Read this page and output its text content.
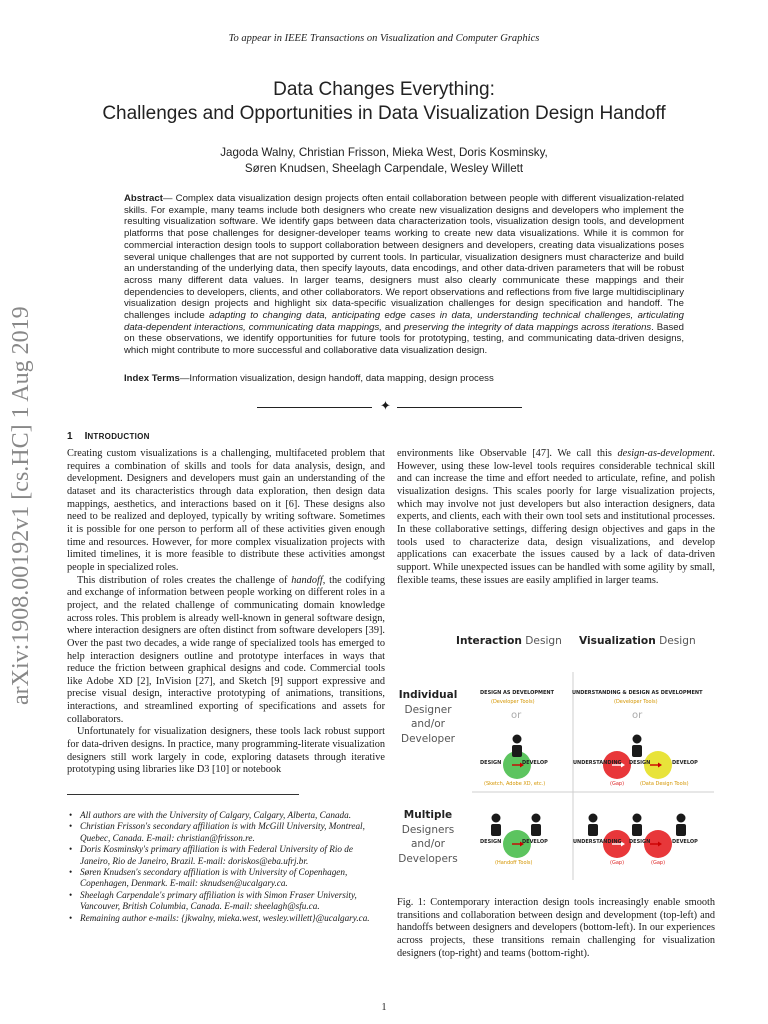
To appear in IEEE Transactions on Visualization and Computer Graphics
Data Changes Everything:
Challenges and Opportunities in Data Visualization Design Handoff
Jagoda Walny, Christian Frisson, Mieka West, Doris Kosminsky,
Søren Knudsen, Sheelagh Carpendale, Wesley Willett
arXiv:1908.00192v1 [cs.HC] 1 Aug 2019
Abstract— Complex data visualization design projects often entail collaboration between people with different visualization-related skills. For example, many teams include both designers who create new visualization designs and developers who implement the resulting visualization software. We identify gaps between data characterization tools, visualization design tools, and development platforms that pose challenges for designer-developer teams working to create new data visualizations. While it is common for commercial interaction design tools to support collaboration between designers and developers, creating data visualizations poses several unique challenges that are not supported by current tools. In particular, visualization designers must characterize and build an understanding of the underlying data, then specify layouts, data encodings, and other data-driven parameters that will be robust across many different data values. In larger teams, designers must also clearly communicate these mappings and their dependencies to developers, clients, and other collaborators. We report observations and reflections from five large multidisciplinary visualization design projects and highlight six data-specific visualization challenges for design specification and handoff. The challenges include adapting to changing data, anticipating edge cases in data, understanding technical challenges, articulating data-dependent interactions, communicating data mappings, and preserving the integrity of data mappings across iterations. Based on these observations, we identify opportunities for future tools for prototyping, testing, and communicating data-driven designs, which might contribute to more successful and collaborative data visualization design.
Index Terms—Information visualization, design handoff, data mapping, design process
✦
1 INTRODUCTION

Creating custom visualizations is a challenging, multifaceted problem that requires a combination of skills and tools for data analysis, design, and development. Designers and developers must gain an understanding of the dataset and its characteristics through data exploration, then design data mappings, aesthetics, and interactions based on it [6]. These designs also need to be realized and deployed, typically by writing software. Sometimes it is possible for one person to perform all of these activities given enough time and resources. However, for more complex visualization projects with limited timelines, it is more feasible to distribute these activities amongst people in specialized roles.

This distribution of roles creates the challenge of handoff, the codifying and exchange of information between people working on different roles in a project, and the related challenge of communicating domain knowledge across roles. This problem is already well-known in general software design, where interaction designers are often distinct from software developers [39]. Over the past two decades, a wide range of specialized tools has emerged to help interaction designers outline and prototype interfaces in ways that reduce the friction between graphical designs and code. Commercial tools like Adobe XD [2], InVision [27], and Sketch [9] support expressive and precise visual design, interactive prototyping of animations, transitions, interactions, and streamlined exporting of specifications and assets for collaborators.

Unfortunately for visualization designers, these tools lack robust support for data-driven designs. In practice, many programming-literate visualization designers still work largely in code, exploring datasets through iterative prototyping using libraries like D3 [10] or notebook

environments like Observable [47]. We call this design-as-development. However, using these low-level tools requires considerable technical skill and can increase the time and effort needed to articulate, refine, and polish visualization designs. This scales poorly for large visualization projects, which may involve not just developers but also interaction designers, data experts, and clients, each with their own tool sets and institutional processes. In these collaborative settings, differing design objectives and gaps in the tools used to characterize data, design visualizations, and develop applications can exacerbate the issues caused by a lack of data-driven support. While unexpected issues can be handled with some agility by small, flexible teams, these issues are easily amplified in larger teams.

• All authors are with the University of Calgary, Calgary, Alberta, Canada.
• Christian Frisson's secondary affiliation is with McGill University, Montreal, Quebec, Canada. E-mail: christian@frisson.re.
• Doris Kosminsky's primary affiliation is with Federal University of Rio de Janeiro, Rio de Janeiro, Brazil. E-mail: doriskos@eba.ufrj.br.
• Søren Knudsen's secondary affiliation is with University of Copenhagen, Copenhagen, Denmark. E-mail: sknudsen@ucalgary.ca.
• Sheelagh Carpendale's primary affiliation is with Simon Fraser University, Vancouver, British Columbia, Canada. E-mail: sheelagh@sfu.ca.
• Remaining author e-mails: {jkwalny, mieka.west, wesley.willett}@ucalgary.ca.
Interaction Design Visualization Design
Individual
Designer
and/or
Developer
Multiple
Designers
and/or
Developers
DESIGN AS DEVELOPMENT
(Developer Tools)
or
DESIGN	DEVELOP
(Sketch, Adobe XD, etc.)
UNDERSTANDING & DESIGN AS DEVELOPMENT
(Developer Tools)
or
UNDERSTANDING DESIGN	DEVELOP
(Gap)	(Data Design Tools)
DESIGN	DEVELOP
(Handoff Tools)
UNDERSTANDING DESIGN	DEVELOP
(Gap)	(Gap)
Fig. 1: Contemporary interaction design tools increasingly enable smooth transitions and collaboration between design and development (top-left) and handoffs between designers and developers (bottom-left). In our experiences across projects, these transitions remain challenging for visualization designers (top-right) and teams (bottom-right).
1
